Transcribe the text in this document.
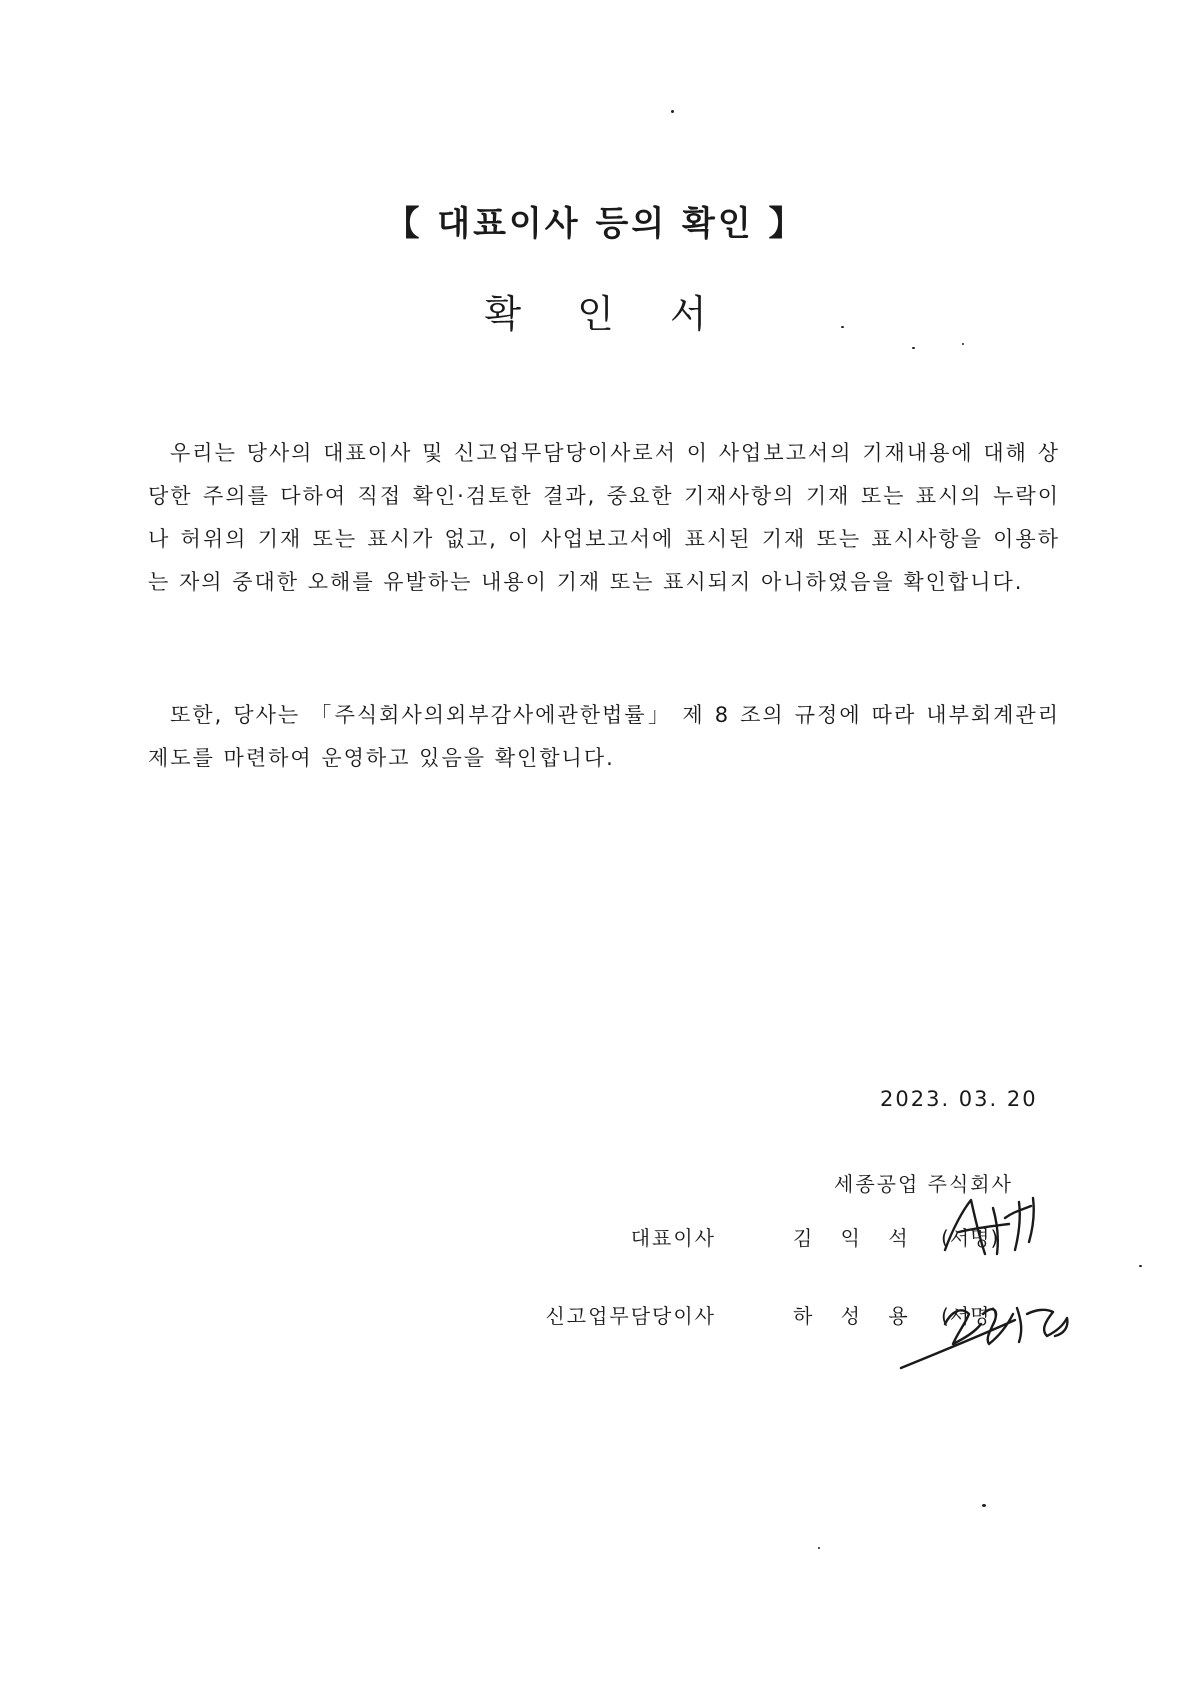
【 대표이사 등의 확인 】
확 인 서

우리는 당사의 대표이사 및 신고업무담당이사로서 이 사업보고서의 기재내용에 대해 상당한 주의를 다하여 직접 확인·검토한 결과, 중요한 기재사항의 기재 또는 표시의 누락이나 허위의 기재 또는 표시가 없고, 이 사업보고서에 표시된 기재 또는 표시사항을 이용하는 자의 중대한 오해를 유발하는 내용이 기재 또는 표시되지 아니하였음을 확인합니다.

또한, 당사는 「주식회사의외부감사에관한법률」 제 8 조의 규정에 따라 내부회계관리제도를 마련하여 운영하고 있음을 확인합니다.

2023. 03. 20
세종공업 주식회사
대표이사	김 익 석 (서명)
신고업무담당이사	하 성 용 (서명)
